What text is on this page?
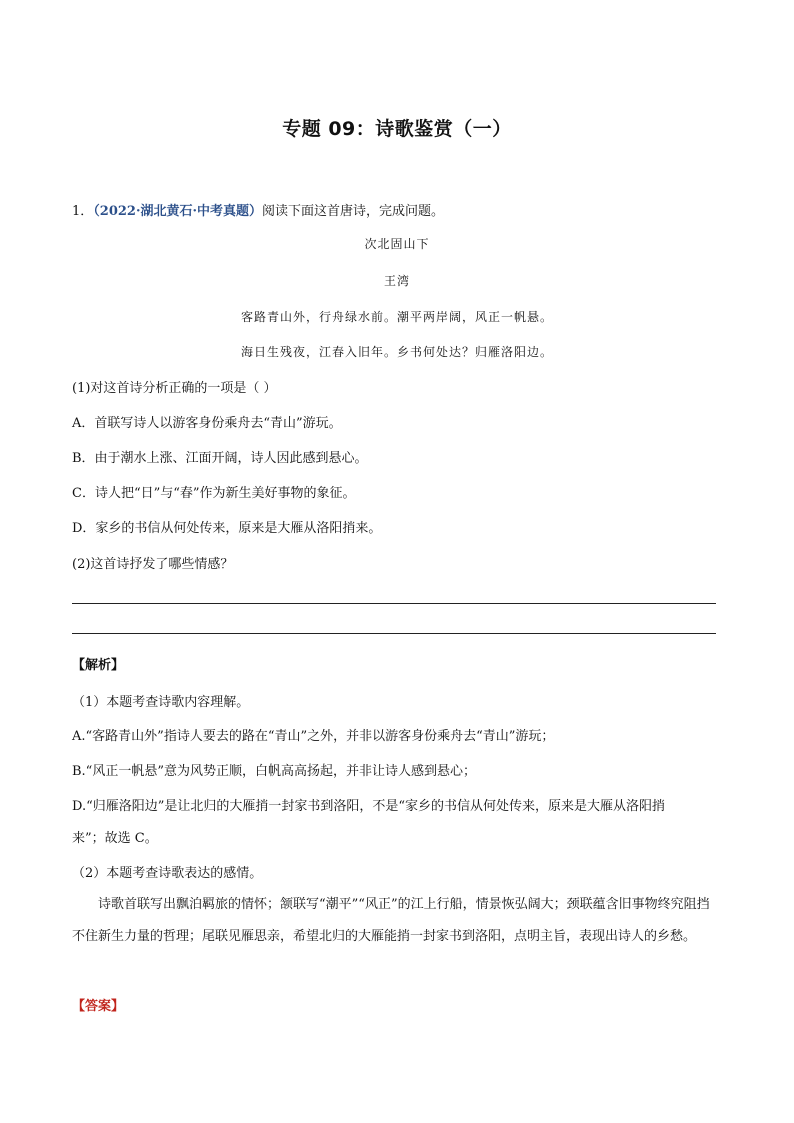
专题 09：诗歌鉴赏（一）
1．（2022·湖北黄石·中考真题）阅读下面这首唐诗，完成问题。
次北固山下
王湾
客路青山外，行舟绿水前。潮平两岸阔，风正一帆悬。
海日生残夜，江春入旧年。乡书何处达？归雁洛阳边。
(1)对这首诗分析正确的一项是（ ）
A．首联写诗人以游客身份乘舟去“青山”游玩。
B．由于潮水上涨、江面开阔，诗人因此感到悬心。
C．诗人把“日”与“春”作为新生美好事物的象征。
D．家乡的书信从何处传来，原来是大雁从洛阳捎来。
(2)这首诗抒发了哪些情感？
【解析】
（1）本题考查诗歌内容理解。
A.“客路青山外”指诗人要去的路在“青山”之外，并非以游客身份乘舟去“青山”游玩；
B.“风正一帆悬”意为风势正顺，白帆高高扬起，并非让诗人感到悬心；
D.“归雁洛阳边”是让北归的大雁捎一封家书到洛阳，不是“家乡的书信从何处传来，原来是大雁从洛阳捎
来”；故选 C。
（2）本题考查诗歌表达的感情。
诗歌首联写出飘泊羁旅的情怀；颔联写“潮平”“风正”的江上行船，情景恢弘阔大；颈联蕴含旧事物终究阻挡不住新生力量的哲理；尾联见雁思亲，希望北归的大雁能捎一封家书到洛阳，点明主旨，表现出诗人的乡愁。
【答案】
